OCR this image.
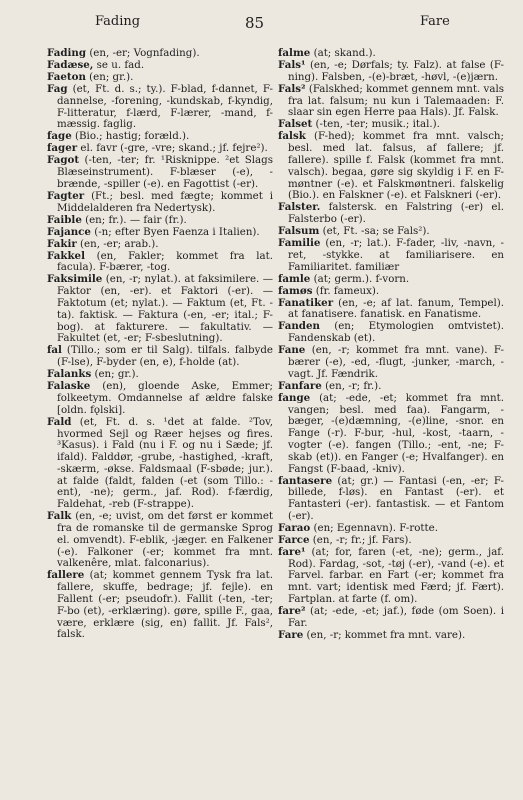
Fading	85	Fare
Fading (en, -er; Vognfading).
Fadæse, se u. fad.
Faeton (en; gr.).
Fag (et, Ft. d. s.; ty.). F-blad, f-dannet, F-dannelse, -forening, -kundskab, f-kyndig, F-litteratur, f-lærd, F-lærer, -mand, f-mæssig. faglig.
fage (Bio.; hastig; foræld.).
fager el. favr (-gre, -vre; skand.; jf. fejre²).
Fagot (-ten, -ter; fr. ¹Risknippe. ²et Slags Blæseinstrument). F-blæser (-e), -brænde, -spiller (-e). en Fagottist (-er).
Fagter (Ft.; besl. med fægte; kommet i Middelalderen fra Nedertysk).
Faible (en; fr.). — fair (fr.).
Fajance (-n; efter Byen Faenza i Italien).
Fakir (en, -er; arab.).
Fakkel (en, Fakler; kommet fra lat. facula). F-bærer, -tog.
Faksimile (en, -r; nylat.). at faksimilere. — Faktor (en, -er). et Faktori (-er). — Faktotum (et; nylat.). — Faktum (et, Ft. -ta). faktisk. — Faktura (-en, -er; ital.; F-bog). at fakturere. — fakultativ. — Fakultet (et, -er; F-sbeslutning).
fal (Tillo.; som er til Salg). tilfals. falbyde (F-lse), F-byder (en, e), f-holde (at).
Falanks (en; gr.).
Falaske (en), gloende Aske, Emmer; folkeetym. Omdannelse af ældre falske [oldn. fǫlski].
Fald (et, Ft. d. s. ¹det at falde. ²Tov, hvormed Sejl og Ræer hejses og fires. ³Kasus). i Fald (nu i F. og nu i Sæde; jf. ifald). Falddør, -grube, -hastighed, -kraft, -skærm, -økse. Faldsmaal (F-sbøde; jur.). at falde (faldt, falden (-et (som Tillo.: -ent), -ne); germ., jaf. Rod). f-færdig, Faldehat, -reb (F-strappe).
Falk (en, -e; uvist, om det først er kommet fra de romanske til de germanske Sprog el. omvendt). F-eblik, -jæger. en Falkener (-e). Falkoner (-er; kommet fra mnt. valkenêre, mlat. falconarius).
fallere (at; kommet gennem Tysk fra lat. fallere, skuffe, bedrage; jf. fejle). en Fallent (-er; pseudofr.). Fallit (-ten, -ter; F-bo (et), -erklæring). gøre, spille F., gaa, være, erklære (sig, en) fallit. Jf. Fals², falsk.
falme (at; skand.).
Fals¹ (en, -e; Dørfals; ty. Falz). at false (F-ning). Falsben, -(e)-bræt, -høvl, -(e)jærn.
Fals² (Falskhed; kommet gennem mnt. vals fra lat. falsum; nu kun i Talemaaden: F. slaar sin egen Herre paa Hals). Jf. Falsk.
Falset (-ten, -ter; musik.; ital.).
falsk (F-hed); kommet fra mnt. valsch; besl. med lat. falsus, af fallere; jf. fallere). spille f. Falsk (kommet fra mnt. valsch). begaa, gøre sig skyldig i F. en F-møntner (-e). et Falskmøntneri. falskelig (Bio.). en Falskner (-e). et Falskneri (-er).
Falster. falstersk. en Falstring (-er) el. Falsterbo (-er).
Falsum (et, Ft. -sa; se Fals²).
Familie (en, -r; lat.). F-fader, -liv, -navn, -ret, -stykke. at familiarisere. en Familiaritet. familiær
famle (at; germ.). f-vorn.
famøs (fr. fameux).
Fanatiker (en, -e; af lat. fanum, Tempel). at fanatisere. fanatisk. en Fanatisme.
Fanden (en; Etymologien omtvistet). Fandenskab (et).
Fane (en, -r; kommet fra mnt. vane). F-bærer (-e), -ed, -flugt, -junker, -march, -vagt. Jf. Fændrik.
Fanfare (en, -r; fr.).
fange (at; -ede, -et; kommet fra mnt. vangen; besl. med faa). Fangarm, -bæger, -(e)dæmning, -(e)line, -snor. en Fange (-r). F-bur, -hul, -kost, -taarn, -vogter (-e). fangen (Tillo.; -ent, -ne; F-skab (et)). en Fanger (-e; Hvalfanger). en Fangst (F-baad, -kniv).
fantasere (at; gr.) — Fantasi (-en, -er; F-billede, f-løs). en Fantast (-er). et Fantasteri (-er). fantastisk. — et Fantom (-er).
Farao (en; Egennavn). F-rotte.
Farce (en, -r; fr.; jf. Fars).
fare¹ (at; for, faren (-et, -ne); germ., jaf. Rod). Fardag, -sot, -tøj (-er), -vand (-e). et Farvel. farbar. en Fart (-er; kommet fra mnt. vart; identisk med Færd; jf. Fært). Fartplan. at farte (f. om).
fare² (at; -ede, -et; jaf.), føde (om Soen). i Far.
Fare (en, -r; kommet fra mnt. vare).
